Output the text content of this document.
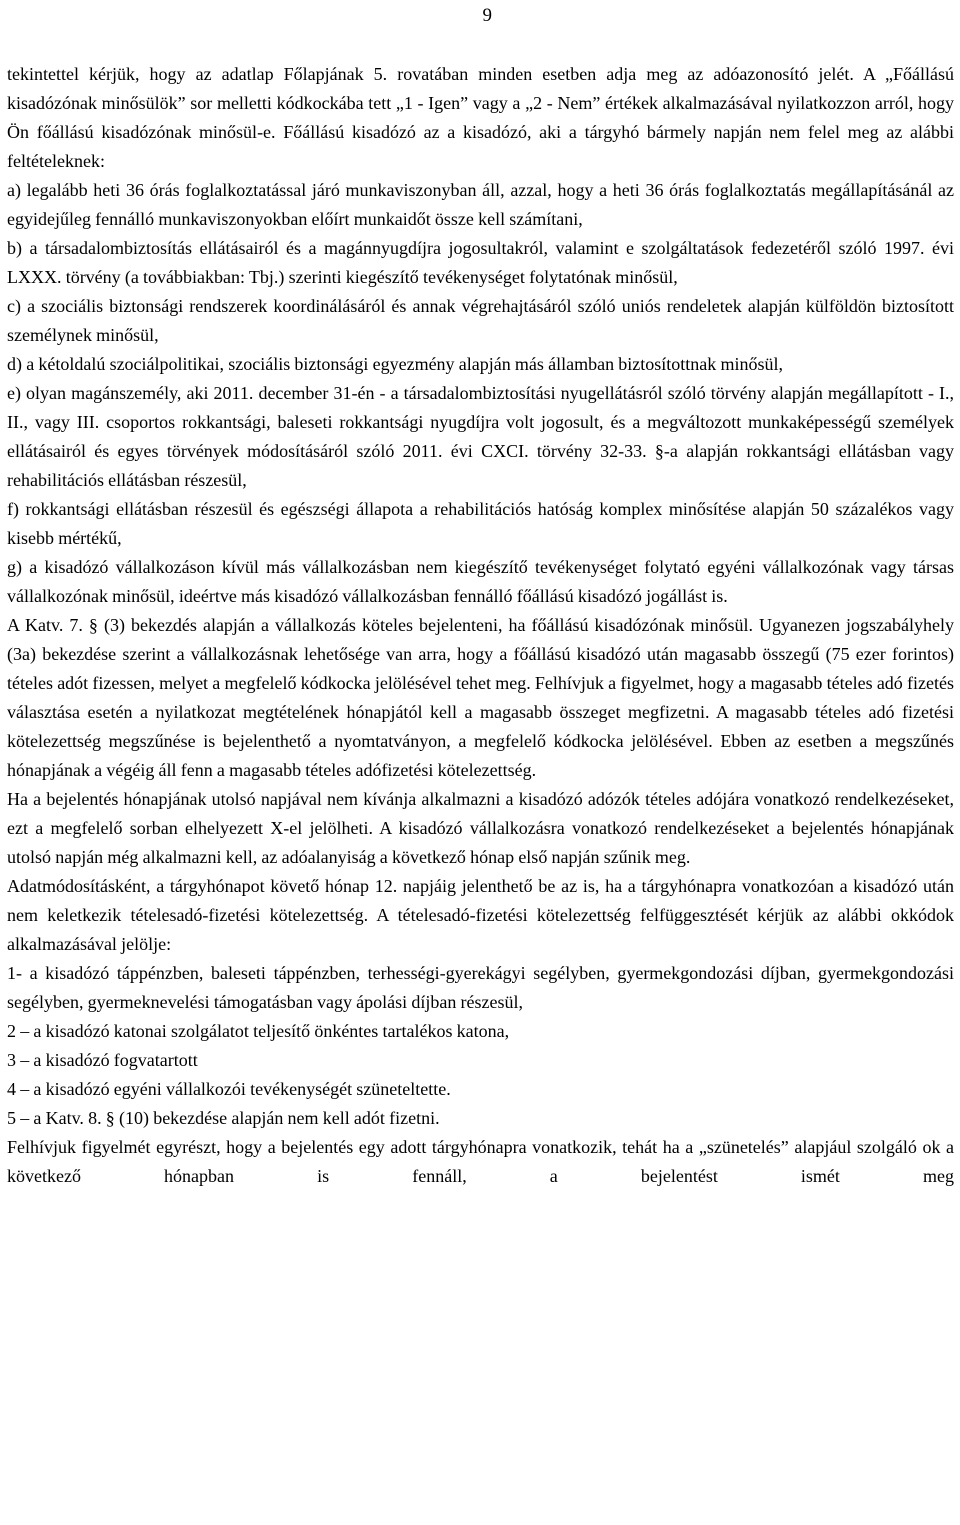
9

tekintettel kérjük, hogy az adatlap Főlapjának 5. rovatában minden esetben adja meg az adóazonosító jelét. A „Főállású kisadózónak minősülök” sor melletti kódkockába tett „1 - Igen” vagy a „2 - Nem” értékek alkalmazásával nyilatkozzon arról, hogy Ön főállású kisadózónak minősül-e. Főállású kisadózó az a kisadózó, aki a tárgyhó bármely napján nem felel meg az alábbi feltételeknek:

a) legalább heti 36 órás foglalkoztatással járó munkaviszonyban áll, azzal, hogy a heti 36 órás foglalkoztatás megállapításánál az egyidejűleg fennálló munkaviszonyokban előírt munkaidőt össze kell számítani,

b) a társadalombiztosítás ellátásairól és a magánnyugdíjra jogosultakról, valamint e szolgáltatások fedezetéről szóló 1997. évi LXXX. törvény (a továbbiakban: Tbj.) szerinti kiegészítő tevékenységet folytatónak minősül,

c) a szociális biztonsági rendszerek koordinálásáról és annak végrehajtásáról szóló uniós rendeletek alapján külföldön biztosított személynek minősül,

d) a kétoldalú szociálpolitikai, szociális biztonsági egyezmény alapján más államban biztosítottnak minősül,

e) olyan magánszemély, aki 2011. december 31-én - a társadalombiztosítási nyugellátásról szóló törvény alapján megállapított - I., II., vagy III. csoportos rokkantsági, baleseti rokkantsági nyugdíjra volt jogosult, és a megváltozott munkaképességű személyek ellátásairól és egyes törvények módosításáról szóló 2011. évi CXCI. törvény 32-33. §-a alapján rokkantsági ellátásban vagy rehabilitációs ellátásban részesül,

f) rokkantsági ellátásban részesül és egészségi állapota a rehabilitációs hatóság komplex minősítése alapján 50 százalékos vagy kisebb mértékű,

g) a kisadózó vállalkozáson kívül más vállalkozásban nem kiegészítő tevékenységet folytató egyéni vállalkozónak vagy társas vállalkozónak minősül, ideértve más kisadózó vállalkozásban fennálló főállású kisadózó jogállást is.

A Katv. 7. § (3) bekezdés alapján a vállalkozás köteles bejelenteni, ha főállású kisadózónak minősül. Ugyanezen jogszabályhely (3a) bekezdése szerint a vállalkozásnak lehetősége van arra, hogy a főállású kisadózó után magasabb összegű (75 ezer forintos) tételes adót fizessen, melyet a megfelelő kódkocka jelölésével tehet meg. Felhívjuk a figyelmet, hogy a magasabb tételes adó fizetés választása esetén a nyilatkozat megtételének hónapjától kell a magasabb összeget megfizetni. A magasabb tételes adó fizetési kötelezettség megszűnése is bejelenthető a nyomtatványon, a megfelelő kódkocka jelölésével. Ebben az esetben a megszűnés hónapjának a végéig áll fenn a magasabb tételes adófizetési kötelezettség.

Ha a bejelentés hónapjának utolsó napjával nem kívánja alkalmazni a kisadózó adózók tételes adójára vonatkozó rendelkezéseket, ezt a megfelelő sorban elhelyezett X-el jelölheti. A kisadózó vállalkozásra vonatkozó rendelkezéseket a bejelentés hónapjának utolsó napján még alkalmazni kell, az adóalanyiság a következő hónap első napján szűnik meg.

Adatmódosításként, a tárgyhónapot követő hónap 12. napjáig jelenthető be az is, ha a tárgyhónapra vonatkozóan a kisadózó után nem keletkezik tételesadó-fizetési kötelezettség. A tételesadó-fizetési kötelezettség felfüggesztését kérjük az alábbi okkódok alkalmazásával jelölje:

1- a kisadózó táppénzben, baleseti táppénzben, terhességi-gyerekágyi segélyben, gyermekgondozási díjban, gyermekgondozási segélyben, gyermeknevelési támogatásban vagy ápolási díjban részesül,

2 – a kisadózó katonai szolgálatot teljesítő önkéntes tartalékos katona,

3 – a kisadózó fogvatartott

4 – a kisadózó egyéni vállalkozói tevékenységét szüneteltette.

5 – a Katv. 8. § (10) bekezdése alapján nem kell adót fizetni.

Felhívjuk figyelmét egyrészt, hogy a bejelentés egy adott tárgyhónapra vonatkozik, tehát ha a „szünetelés” alapjául szolgáló ok a következő hónapban is fennáll, a bejelentést ismét meg
